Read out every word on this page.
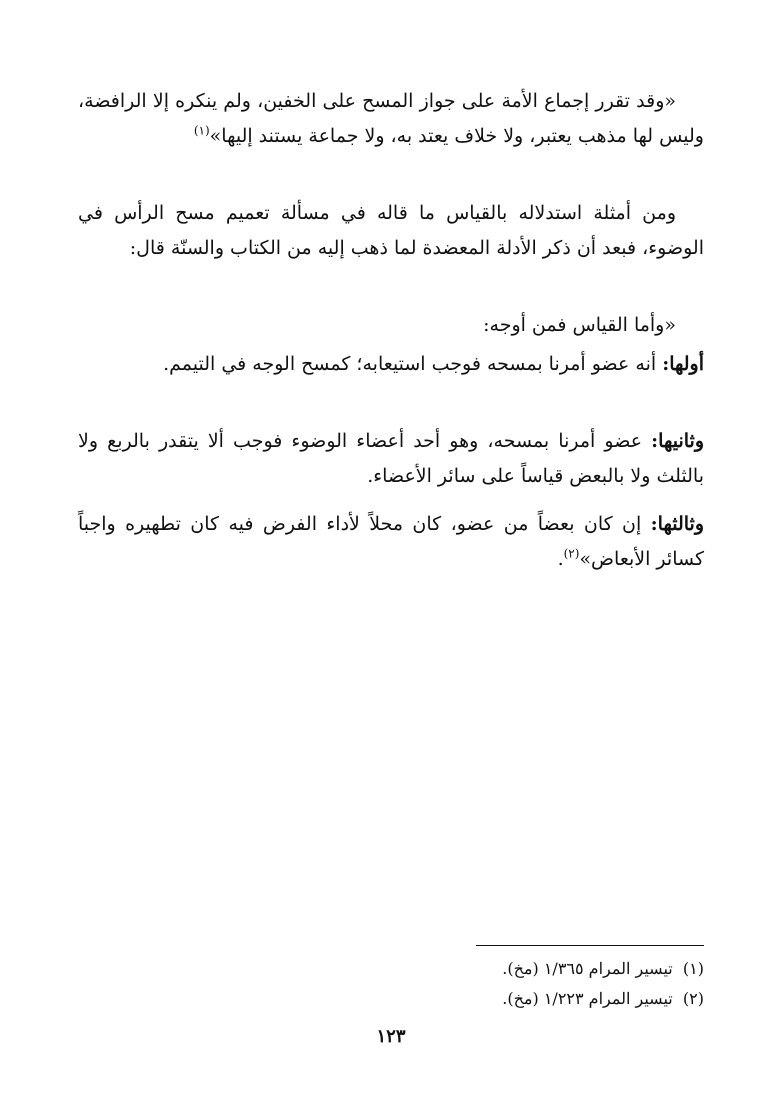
«وقد تقرر إجماع الأمة على جواز المسح على الخفين، ولم ينكره إلا الرافضة، وليس لها مذهب يعتبر، ولا خلاف يعتد به، ولا جماعة يستند إليها»$^{(١)}$

ومن أمثلة استدلاله بالقياس ما قاله في مسألة تعميم مسح الرأس في الوضوء، فبعد أن ذكر الأدلة المعضدة لما ذهب إليه من الكتاب والسنّة قال:

«وأما القياس فمن أوجه:

أولها: أنه عضو أمرنا بمسحه فوجب استيعابه؛ كمسح الوجه في التيمم.

وثانيها: عضو أمرنا بمسحه، وهو أحد أعضاء الوضوء فوجب ألا يتقدر بالربع ولا بالثلث ولا بالبعض قياساً على سائر الأعضاء.

وثالثها: إن كان بعضاً من عضو، كان محلاً لأداء الفرض فيه كان تطهيره واجباً كسائر الأبعاض»$^{(٢)}$.

(١)  تيسير المرام ١/٣٦٥ (مخ).
(٢)  تيسير المرام ١/٢٢٣ (مخ).
١٢٣
